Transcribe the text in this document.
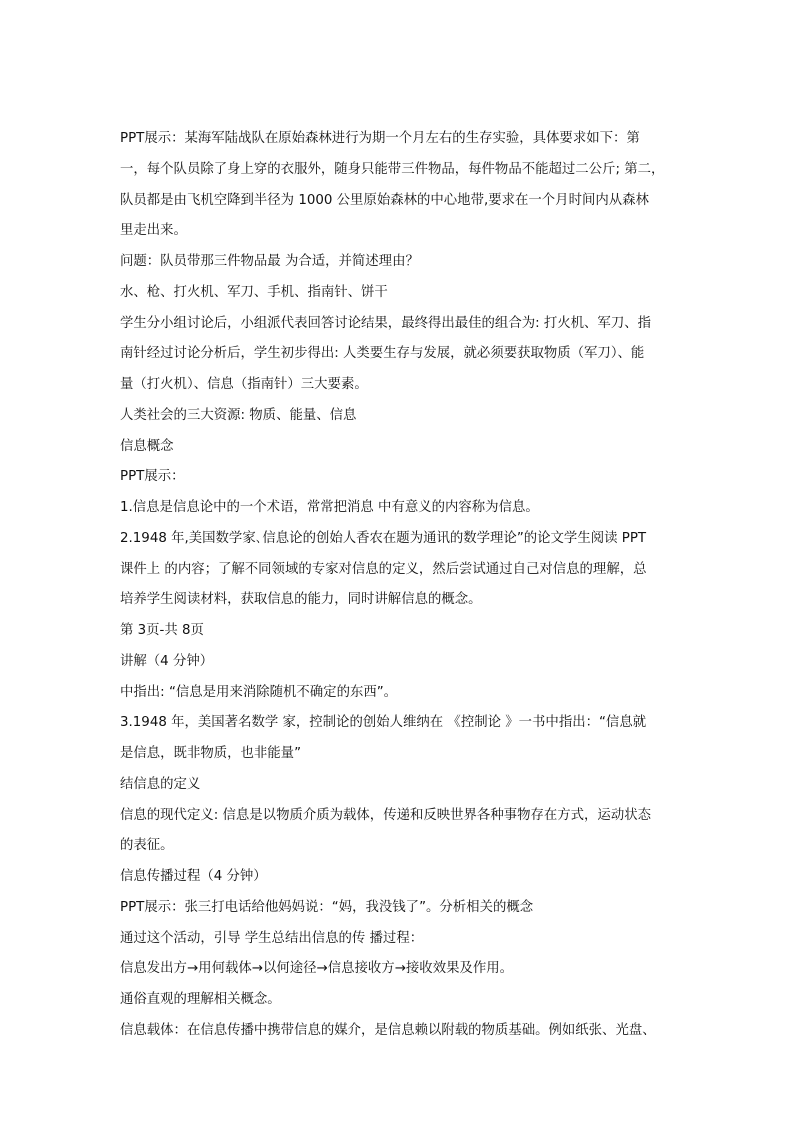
PPT展示：某海军陆战队在原始森林进行为期一个月左右的生存实验，具体要求如下：第
一，每个队员除了身上穿的衣服外，随身只能带三件物品，每件物品不能超过二公斤; 第二，
队员都是由飞机空降到半径为 1000 公里原始森林的中心地带,要求在一个月时间内从森林
里走出来。
问题：队员带那三件物品最 为合适，并简述理由？
水、枪、打火机、军刀、手机、指南针、饼干
学生分小组讨论后，小组派代表回答讨论结果，最终得出最佳的组合为: 打火机、军刀、指
南针经过讨论分析后，学生初步得出: 人类要生存与发展，就必须要获取物质（军刀）、能
量（打火机）、信息（指南针）三大要素。
人类社会的三大资源: 物质、能量、信息
信息概念
PPT展示：
1.信息是信息论中的一个术语，常常把消息 中有意义的内容称为信息。
2.1948 年,美国数学家､信息论的创始人香农在题为通讯的数学理论”的论文学生阅读 PPT
课件上 的内容；了解不同领域的专家对信息的定义，然后尝试通过自己对信息的理解，总
培养学生阅读材料，获取信息的能力，同时讲解信息的概念。
第 3页-共 8页
讲解（4 分钟）
中指出: “信息是用来消除随机不确定的东西”。
3.1948 年，美国著名数学 家，控制论的创始人维纳在 《控制论 》一书中指出：“信息就
是信息，既非物质，也非能量”
结信息的定义
信息的现代定义: 信息是以物质介质为载体，传递和反映世界各种事物存在方式，运动状态
的表征。
信息传播过程（4 分钟）
PPT展示：张三打电话给他妈妈说：“妈，我没钱了”。分析相关的概念
通过这个活动，引导 学生总结出信息的传 播过程：
信息发出方→用何载体→以何途径→信息接收方→接收效果及作用。
通俗直观的理解相关概念。
信息载体：在信息传播中携带信息的媒介，是信息赖以附载的物质基础。例如纸张、光盘、
